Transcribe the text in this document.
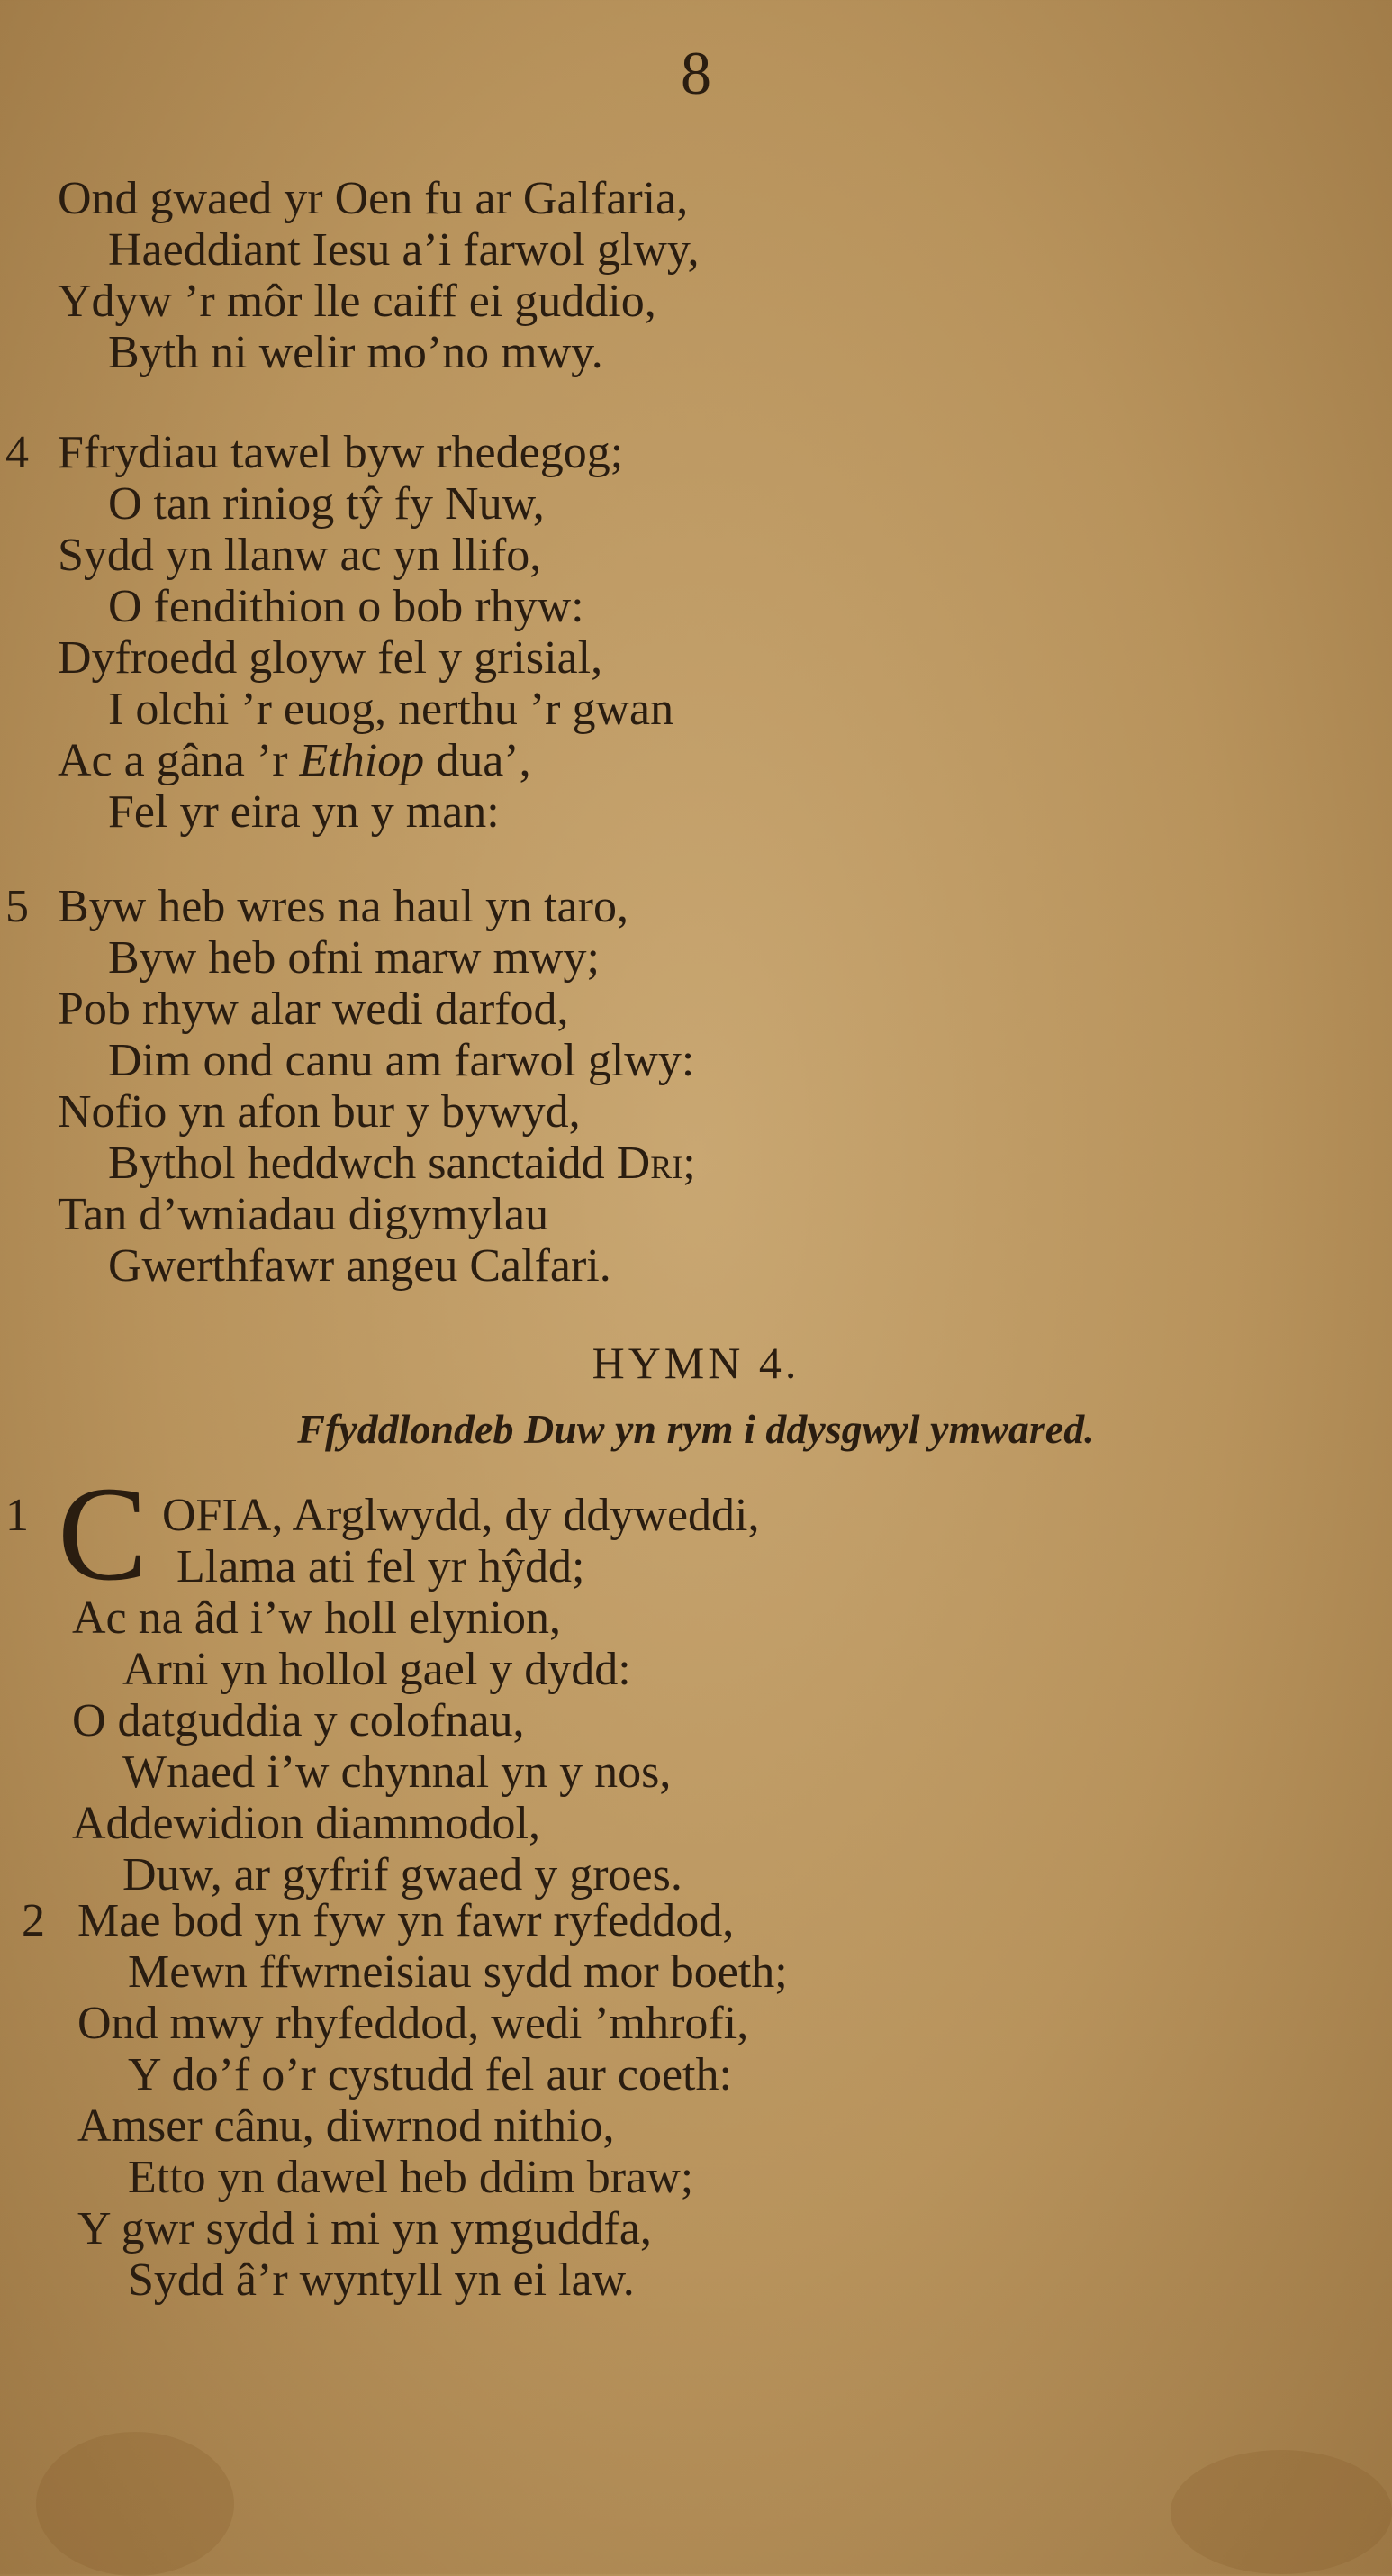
8
Ond gwaed yr Oen fu ar Galfaria,
Haeddiant Iesu a’i farwol glwy,
Ydyw ’r môr lle caiff ei guddio,
Byth ni welir mo’no mwy.
4 Ffrydiau tawel byw rhedegog;
O tan riniog tŷ fy Nuw,
Sydd yn llanw ac yn llifo,
O fendithion o bob rhyw:
Dyfroedd gloyw fel y grisial,
I olchi ’r euog, nerthu ’r gwan
Ac a gâna ’r Ethiop dua’,
Fel yr eira yn y man:
5 Byw heb wres na haul yn taro,
Byw heb ofni marw mwy;
Pob rhyw alar wedi darfod,
Dim ond canu am farwol glwy:
Nofio yn afon bur y bywyd,
Bythol heddwch sanctaidd Dri;
Tan d’wniadau digymylau
Gwerthfawr angeu Calfari.
HYMN 4.
Ffyddlondeb Duw yn rym i ddysgwyl ymwared.
C
1	OFIA, Arglwydd, dy ddyweddi,
Llama ati fel yr hŷdd;
Ac na âd i’w holl elynion,
Arni yn hollol gael y dydd:
O datguddia y colofnau,
Wnaed i’w chynnal yn y nos,
Addewidion diammodol,
Duw, ar gyfrif gwaed y groes.
2 Mae bod yn fyw yn fawr ryfeddod,
Mewn ffwrneisiau sydd mor boeth;
Ond mwy rhyfeddod, wedi ’mhrofi,
Y do’f o’r cystudd fel aur coeth:
Amser cânu, diwrnod nithio,
Etto yn dawel heb ddim braw;
Y gwr sydd i mi yn ymguddfa,
Sydd â’r wyntyll yn ei law.
